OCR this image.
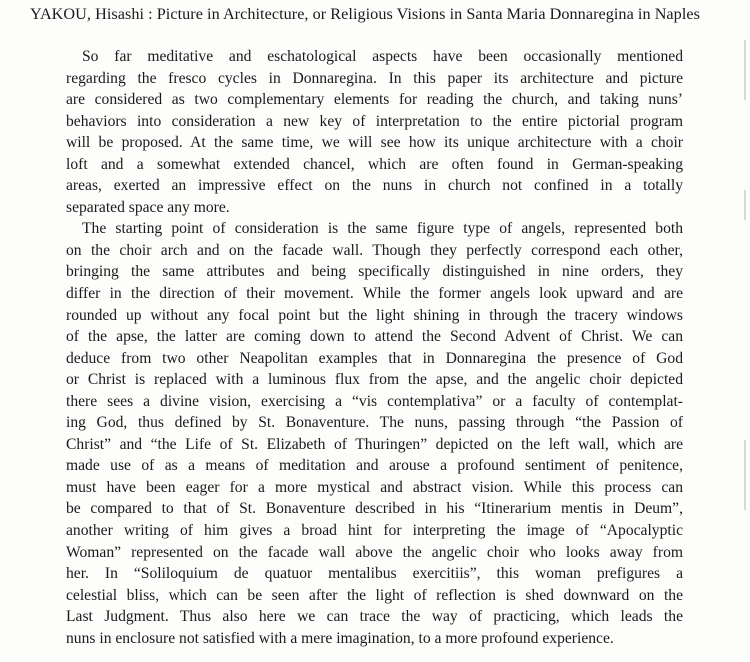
YAKOU, Hisashi : Picture in Architecture, or Religious Visions in Santa Maria Donnaregina in Naples
So far meditative and eschatological aspects have been occasionally mentioned
regarding the fresco cycles in Donnaregina. In this paper its architecture and picture
are considered as two complementary elements for reading the church, and taking nuns’
behaviors into consideration a new key of interpretation to the entire pictorial program
will be proposed. At the same time, we will see how its unique architecture with a choir
loft and a somewhat extended chancel, which are often found in German-speaking
areas, exerted an impressive effect on the nuns in church not confined in a totally
separated space any more.
The starting point of consideration is the same figure type of angels, represented both
on the choir arch and on the facade wall. Though they perfectly correspond each other,
bringing the same attributes and being specifically distinguished in nine orders, they
differ in the direction of their movement. While the former angels look upward and are
rounded up without any focal point but the light shining in through the tracery windows
of the apse, the latter are coming down to attend the Second Advent of Christ. We can
deduce from two other Neapolitan examples that in Donnaregina the presence of God
or Christ is replaced with a luminous flux from the apse, and the angelic choir depicted
there sees a divine vision, exercising a “vis contemplativa” or a faculty of contemplat-
ing God, thus defined by St. Bonaventure. The nuns, passing through “the Passion of
Christ” and “the Life of St. Elizabeth of Thuringen” depicted on the left wall, which are
made use of as a means of meditation and arouse a profound sentiment of penitence,
must have been eager for a more mystical and abstract vision. While this process can
be compared to that of St. Bonaventure described in his “Itinerarium mentis in Deum”,
another writing of him gives a broad hint for interpreting the image of “Apocalyptic
Woman” represented on the facade wall above the angelic choir who looks away from
her. In “Soliloquium de quatuor mentalibus exercitiis”, this woman prefigures a
celestial bliss, which can be seen after the light of reflection is shed downward on the
Last Judgment. Thus also here we can trace the way of practicing, which leads the
nuns in enclosure not satisfied with a mere imagination, to a more profound experience.
